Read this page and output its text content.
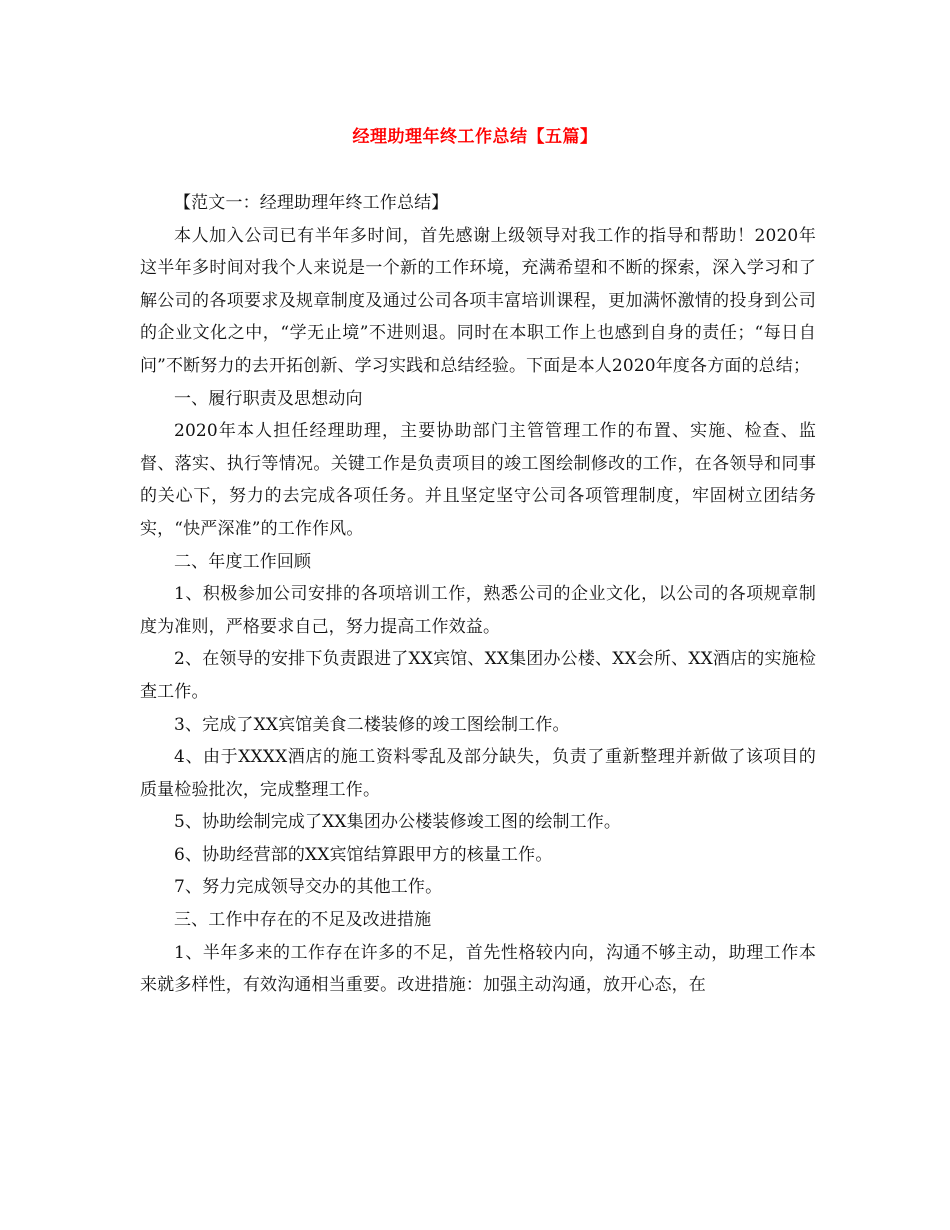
经理助理年终工作总结【五篇】

【范文一：经理助理年终工作总结】

本人加入公司已有半年多时间，首先感谢上级领导对我工作的指导和帮助！2020年这半年多时间对我个人来说是一个新的工作环境，充满希望和不断的探索，深入学习和了解公司的各项要求及规章制度及通过公司各项丰富培训课程，更加满怀激情的投身到公司的企业文化之中，“学无止境”不进则退。同时在本职工作上也感到自身的责任；“每日自问”不断努力的去开拓创新、学习实践和总结经验。下面是本人2020年度各方面的总结；

一、履行职责及思想动向

2020年本人担任经理助理，主要协助部门主管管理工作的布置、实施、检查、监督、落实、执行等情况。关键工作是负责项目的竣工图绘制修改的工作，在各领导和同事的关心下，努力的去完成各项任务。并且坚定坚守公司各项管理制度，牢固树立团结务实，“快严深准”的工作作风。

二、年度工作回顾

1、积极参加公司安排的各项培训工作，熟悉公司的企业文化，以公司的各项规章制度为准则，严格要求自己，努力提高工作效益。

2、在领导的安排下负责跟进了XX宾馆、XX集团办公楼、XX会所、XX酒店的实施检查工作。

3、完成了XX宾馆美食二楼装修的竣工图绘制工作。

4、由于XXXX酒店的施工资料零乱及部分缺失，负责了重新整理并新做了该项目的质量检验批次，完成整理工作。

5、协助绘制完成了XX集团办公楼装修竣工图的绘制工作。

6、协助经营部的XX宾馆结算跟甲方的核量工作。

7、努力完成领导交办的其他工作。

三、工作中存在的不足及改进措施

1、半年多来的工作存在许多的不足，首先性格较内向，沟通不够主动，助理工作本来就多样性，有效沟通相当重要。改进措施：加强主动沟通，放开心态，在
